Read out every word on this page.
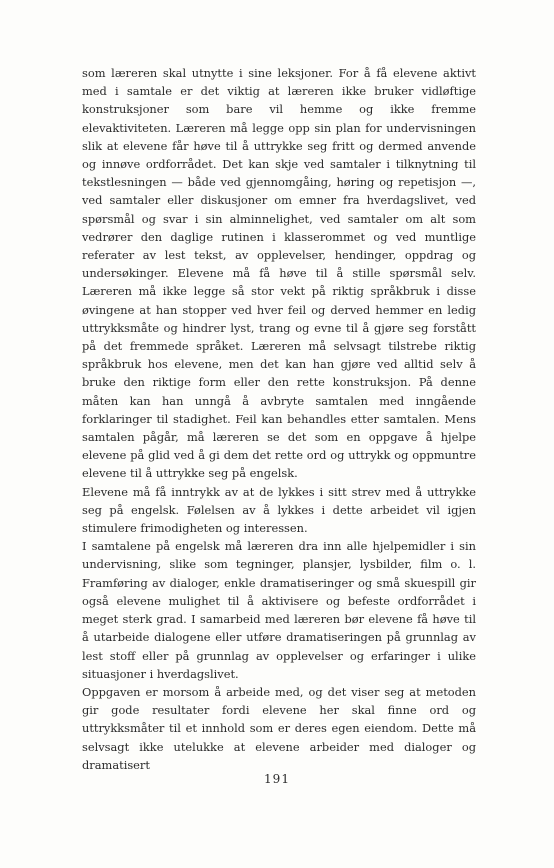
som læreren skal utnytte i sine leksjoner. For å få elevene aktivt med i samtale er det viktig at læreren ikke bruker vidløftige konstruksjoner som bare vil hemme og ikke fremme elevaktiviteten. Læreren må legge opp sin plan for undervisningen slik at elevene får høve til å uttrykke seg fritt og dermed anvende og innøve ordforrådet. Det kan skje ved samtaler i tilknytning til tekstlesningen — både ved gjennomgåing, høring og repetisjon —, ved samtaler eller diskusjoner om emner fra hverdagslivet, ved spørsmål og svar i sin alminnelighet, ved samtaler om alt som vedrører den daglige rutinen i klasserommet og ved muntlige referater av lest tekst, av opplevelser, hendinger, oppdrag og undersøkinger. Elevene må få høve til å stille spørsmål selv. Læreren må ikke legge så stor vekt på riktig språkbruk i disse øvingene at han stopper ved hver feil og derved hemmer en ledig uttrykksmåte og hindrer lyst, trang og evne til å gjøre seg forstått på det fremmede språket. Læreren må selvsagt tilstrebe riktig språkbruk hos elevene, men det kan han gjøre ved alltid selv å bruke den riktige form eller den rette konstruksjon. På denne måten kan han unngå å avbryte samtalen med inngående forklaringer til stadighet. Feil kan behandles etter samtalen. Mens samtalen pågår, må læreren se det som en oppgave å hjelpe elevene på glid ved å gi dem det rette ord og uttrykk og oppmuntre elevene til å uttrykke seg på engelsk.

Elevene må få inntrykk av at de lykkes i sitt strev med å uttrykke seg på engelsk. Følelsen av å lykkes i dette arbeidet vil igjen stimulere frimodigheten og interessen.

I samtalene på engelsk må læreren dra inn alle hjelpemidler i sin undervisning, slike som tegninger, plansjer, lysbilder, film o. l. Framføring av dialoger, enkle dramatiseringer og små skuespill gir også elevene mulighet til å aktivisere og befeste ordforrådet i meget sterk grad. I samarbeid med læreren bør elevene få høve til å utarbeide dialogene eller utføre dramatiseringen på grunnlag av lest stoff eller på grunnlag av opplevelser og erfaringer i ulike situasjoner i hverdagslivet.

Oppgaven er morsom å arbeide med, og det viser seg at metoden gir gode resultater fordi elevene her skal finne ord og uttrykksmåter til et innhold som er deres egen eiendom. Dette må selvsagt ikke utelukke at elevene arbeider med dialoger og dramatisert

191
